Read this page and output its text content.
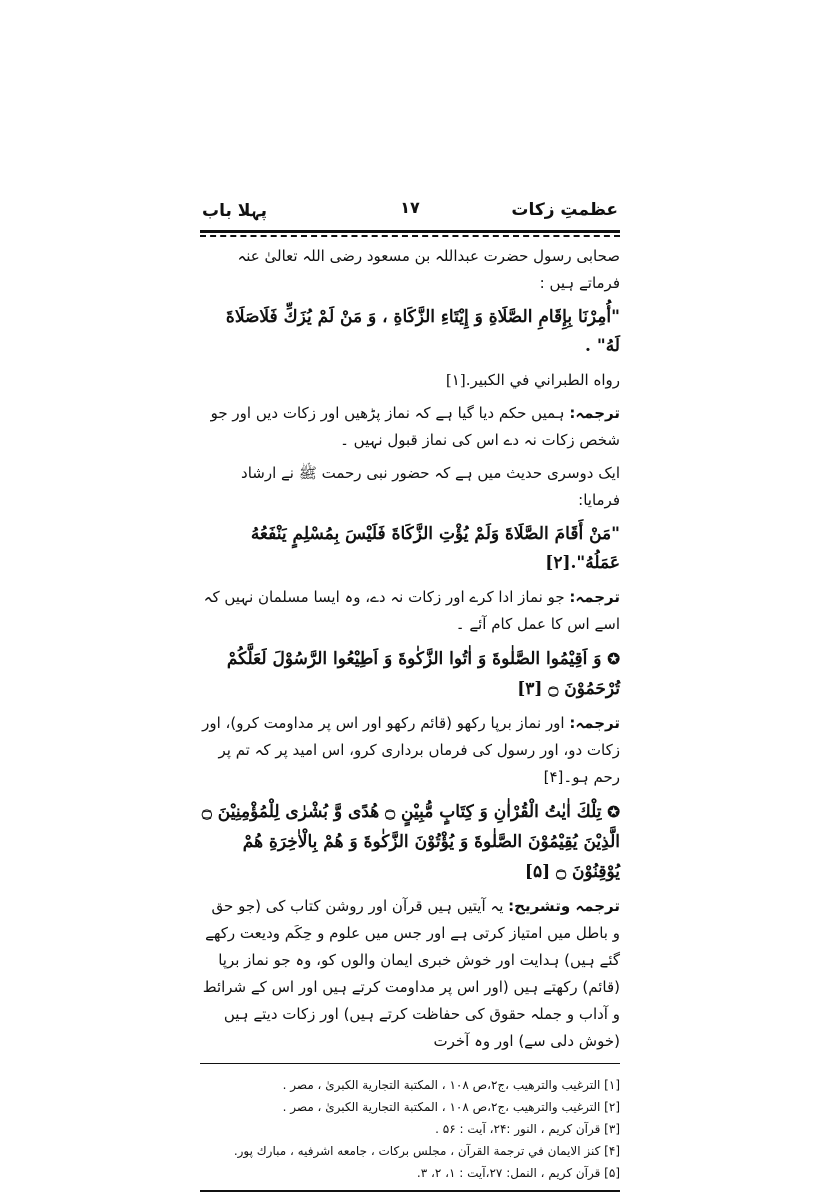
عظمتِ زکات
۱۷
پہلا باب

صحابی رسول حضرت عبداللہ بن مسعود رضی اللہ تعالیٰ عنہ فرماتے ہیں :

"أُمِرْنَا بِإِقَامِ الصَّلَاةِ وَ إِيْتَاءِ الزَّكَاةِ ، وَ مَنْ لَمْ يُزَكِّ فَلَاصَلَاةَ لَهُ" .

رواه الطبراني في الكبير.[۱]

ترجمہ: ہمیں حکم دیا گیا ہے کہ نماز پڑھیں اور زکات دیں اور جو شخص زکات نہ دے اس کی نماز قبول نہیں ۔

ایک دوسری حدیث میں ہے کہ حضور نبی رحمت ﷺ نے ارشاد فرمایا:

"مَنْ أَقَامَ الصَّلَاةَ وَلَمْ يُؤْتِ الزَّكَاةَ فَلَيْسَ بِمُسْلِمٍ يَنْفَعُهُ عَمَلُهُ".[۲]

ترجمہ: جو نماز ادا کرے اور زکات نہ دے، وہ ایسا مسلمان نہیں کہ اسے اس کا عمل کام آئے ۔

✪ وَ اَقِيْمُوا الصَّلٰوةَ وَ اٰتُوا الزَّكٰوةَ وَ اَطِيْعُوا الرَّسُوْلَ لَعَلَّكُمْ تُرْحَمُوْنَ ۝ [۳]

ترجمہ: اور نماز برپا رکھو (قائم رکھو اور اس پر مداومت کرو)، اور زکات دو، اور رسول کی فرماں برداری کرو، اس امید پر کہ تم پر رحم ہو۔[۴]

✪ تِلْكَ اٰيٰتُ الْقُرْاٰنِ وَ كِتَابٍ مُّبِيْنٍ ۝ هُدًى وَّ بُشْرٰى لِلْمُؤْمِنِيْنَ ۝ الَّذِيْنَ يُقِيْمُوْنَ الصَّلٰوةَ وَ يُؤْتُوْنَ الزَّكٰوةَ وَ هُمْ بِالْاٰخِرَةِ هُمْ يُوْقِنُوْنَ ۝ [۵]

ترجمہ وتشریح: یہ آیتیں ہیں قرآن اور روشن کتاب کی (جو حق و باطل میں امتیاز کرتی ہے اور جس میں علوم و حِکَم ودیعت رکھے گئے ہیں) ہدایت اور خوش خبری ایمان والوں کو، وہ جو نماز برپا (قائم) رکھتے ہیں (اور اس پر مداومت کرتے ہیں اور اس کے شرائط و آداب و جملہ حقوق کی حفاظت کرتے ہیں) اور زکات دیتے ہیں (خوش دلی سے) اور وہ آخرت

[۱] الترغيب والترهيب ،ج۲،ص ۱۰۸ ، المكتبة التجارية الكبرىٰ ، مصر .
[۲] الترغيب والترهيب ،ج۲،ص ۱۰۸ ، المكتبة التجارية الكبرىٰ ، مصر .
[۳] قرآن كريم ، النور :۲۴، آيت : ۵۶ .
[۴] كنز الايمان في ترجمة القرآن ، مجلس بركات ، جامعه اشرفيه ، مبارك پور.
[۵] قرآن كريم ، النمل: ۲۷،آيت : ۱، ۲، ۳.
